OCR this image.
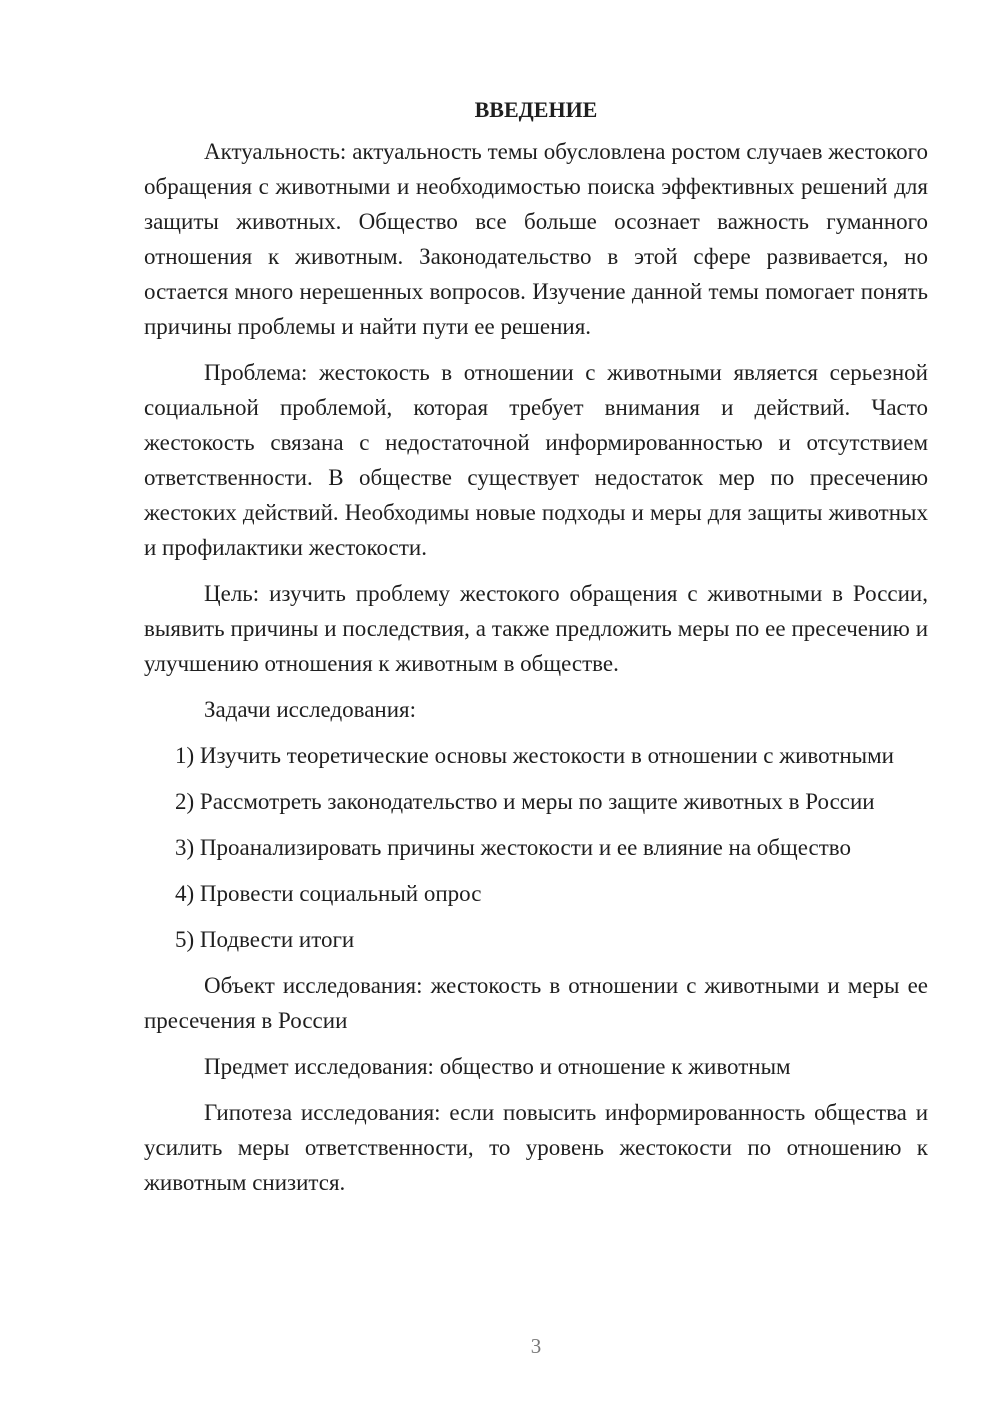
ВВЕДЕНИЕ

Актуальность: актуальность темы обусловлена ростом случаев жестокого обращения с животными и необходимостью поиска эффективных решений для защиты животных. Общество все больше осознает важность гуманного отношения к животным. Законодательство в этой сфере развивается, но остается много нерешенных вопросов. Изучение данной темы помогает понять причины проблемы и найти пути ее решения.

Проблема: жестокость в отношении с животными является серьезной социальной проблемой, которая требует внимания и действий. Часто жестокость связана с недостаточной информированностью и отсутствием ответственности. В обществе существует недостаток мер по пресечению жестоких действий. Необходимы новые подходы и меры для защиты животных и профилактики жестокости.

Цель: изучить проблему жестокого обращения с животными в России, выявить причины и последствия, а также предложить меры по ее пресечению и улучшению отношения к животным в обществе.

Задачи исследования:

1) Изучить теоретические основы жестокости в отношении с животными

2) Рассмотреть законодательство и меры по защите животных в России

3) Проанализировать причины жестокости и ее влияние на общество

4) Провести социальный опрос

5) Подвести итоги

Объект исследования: жестокость в отношении с животными и меры ее пресечения в России

Предмет исследования: общество и отношение к животным

Гипотеза исследования: если повысить информированность общества и усилить меры ответственности, то уровень жестокости по отношению к животным снизится.

3
